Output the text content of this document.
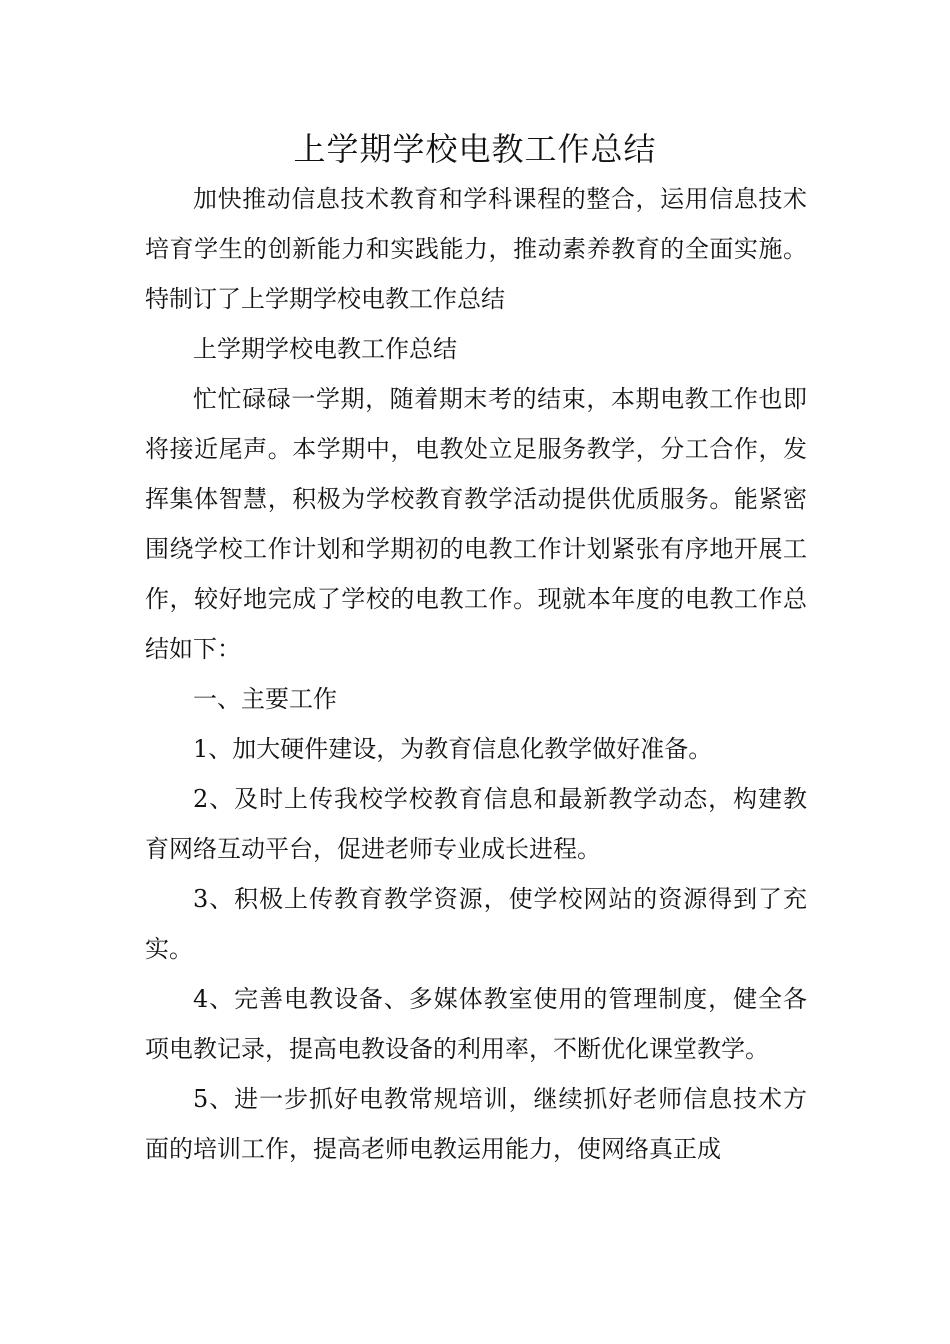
上学期学校电教工作总结

加快推动信息技术教育和学科课程的整合，运用信息技术培育学生的创新能力和实践能力，推动素养教育的全面实施。特制订了上学期学校电教工作总结

上学期学校电教工作总结

忙忙碌碌一学期，随着期末考的结束，本期电教工作也即将接近尾声。本学期中，电教处立足服务教学，分工合作，发挥集体智慧，积极为学校教育教学活动提供优质服务。能紧密围绕学校工作计划和学期初的电教工作计划紧张有序地开展工作，较好地完成了学校的电教工作。现就本年度的电教工作总结如下：

一、主要工作

1、加大硬件建设，为教育信息化教学做好准备。

2、及时上传我校学校教育信息和最新教学动态，构建教育网络互动平台，促进老师专业成长进程。

3、积极上传教育教学资源，使学校网站的资源得到了充实。

4、完善电教设备、多媒体教室使用的管理制度，健全各项电教记录，提高电教设备的利用率，不断优化课堂教学。

5、进一步抓好电教常规培训，继续抓好老师信息技术方面的培训工作，提高老师电教运用能力，使网络真正成
